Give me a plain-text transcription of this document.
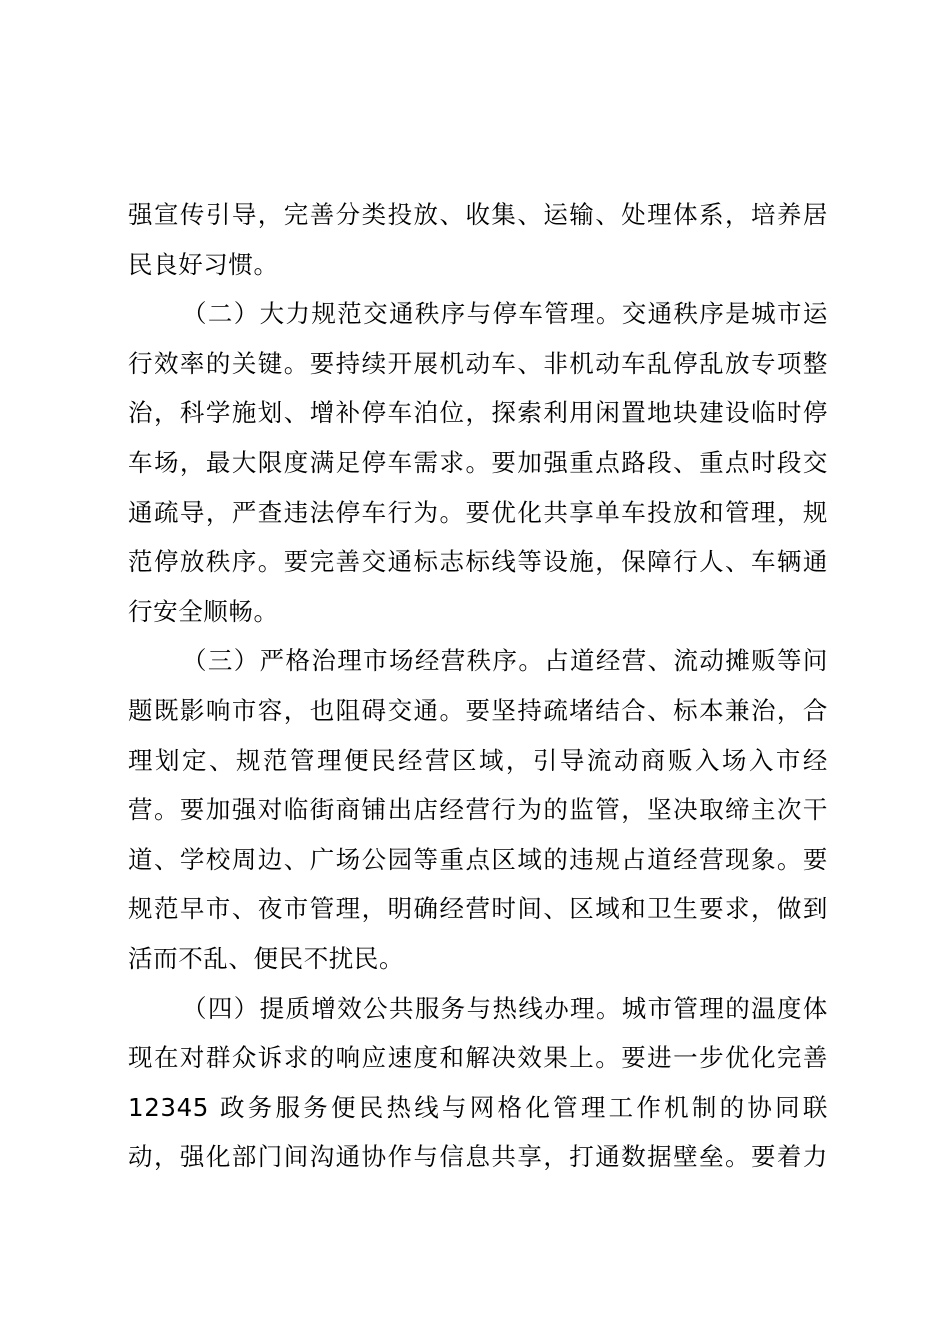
强宣传引导，完善分类投放、收集、运输、处理体系，培养居
民良好习惯。
（二）大力规范交通秩序与停车管理。交通秩序是城市运
行效率的关键。要持续开展机动车、非机动车乱停乱放专项整
治，科学施划、增补停车泊位，探索利用闲置地块建设临时停
车场，最大限度满足停车需求。要加强重点路段、重点时段交
通疏导，严查违法停车行为。要优化共享单车投放和管理，规
范停放秩序。要完善交通标志标线等设施，保障行人、车辆通
行安全顺畅。
（三）严格治理市场经营秩序。占道经营、流动摊贩等问
题既影响市容，也阻碍交通。要坚持疏堵结合、标本兼治，合
理划定、规范管理便民经营区域，引导流动商贩入场入市经
营。要加强对临街商铺出店经营行为的监管，坚决取缔主次干
道、学校周边、广场公园等重点区域的违规占道经营现象。要
规范早市、夜市管理，明确经营时间、区域和卫生要求，做到
活而不乱、便民不扰民。
（四）提质增效公共服务与热线办理。城市管理的温度体
现在对群众诉求的响应速度和解决效果上。要进一步优化完善
12345 政务服务便民热线与网格化管理工作机制的协同联
动，强化部门间沟通协作与信息共享，打通数据壁垒。要着力
